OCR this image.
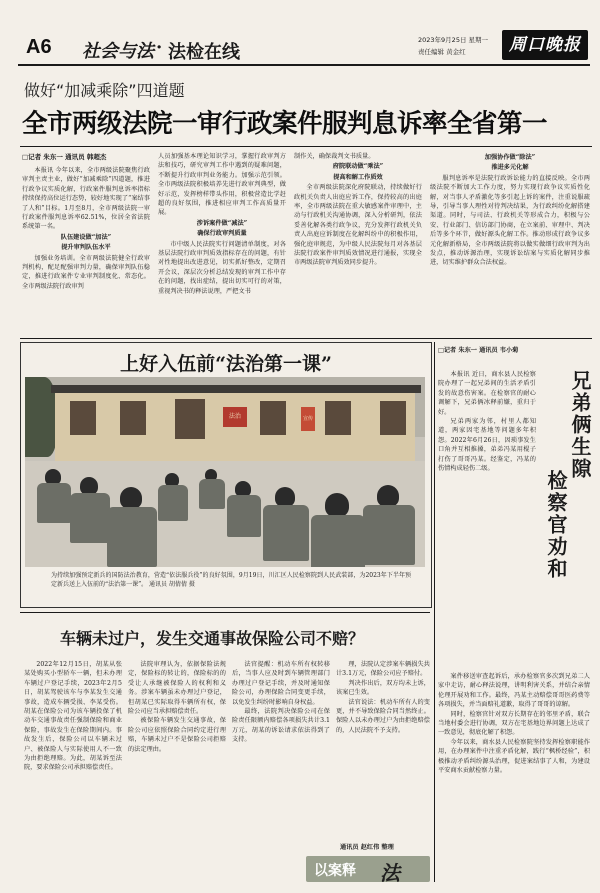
A6 社会与法 · 法检在线
2023年9月25日 星期一
责任编辑 黄金红	周口晚报
做好“加减乘除”四道题
全市两级法院一审行政案件服判息诉率全省第一
□记者 朱东一 通讯员 韩超杰

本报讯 今年以来，全市两级法院聚焦行政审判主责主业，做好“加减乘除”四道题，推进行政争议实质化解，行政案件服判息诉率指标持续保持高位运行态势，较好地实现了“案结事了人和”目标。1月至8月，全市两级法院一审行政案件服判息诉率62.51%，位居全省法院系统第一名。

队伍建设做“加法”

提升审判队伍水平

加强业务培训。全市两级法院健全行政审判机构，配足配强审判力量，确保审判队伍稳定，推进行政案件专业审判制度化、常态化。全市两级法院行政审判

人员加强基本理论知识学习，掌握行政审判方法和技巧，研究审判工作中遇到的疑难问题，不断提升行政审判业务能力。加强示范引领。全市两级法院积极培养先进行政审判典型，做好示范，发挥榜样带头作用，积极营造比学赶超的良好氛围，推进相应审判工作高质量开展。

涉诉案件做“减法”

确保行政审判质量

市中级人民法院实行问题清单制度，对各基层法院行政审判质效指标存在的问题，有针对性地提出改进意见，切实抓好整改，定期召开会议，深层次分析总结发现的审判工作中存在的问题，找出症结，提出切实可行的对策，重视判决书的释法说理，严把文书

制作关，确保裁判文书质量。

府院联动做“乘法”

提高和解工作质效

全市两级法院深化府院联动，持续做好行政机关负责人出庭应诉工作，保持较高的出庭率，全市两级法院在重大敏感案件审理中，主动与行政机关沟通协调，深入分析研判，依法妥善化解各类行政争议，充分发挥行政机关负责人出庭应诉制度在化解纠纷中的积极作用，强化庭审规范，为中级人民法院每月对各基层法院行政案件审判质效情况进行通报，实现全市两级法院审判质效同步提升。

加强协作做“除法”

推进多元化解

服判息诉率是法院行政诉讼能力的直接反映。全市两级法院不断加大工作力度，努力实现行政争议实质性化解，对当事人矛盾激化等多引起上诉的案件，注重说服疏导，引导当事人理性对待判决结果，为行政纠纷化解搭建渠道。同时，与司法、行政机关等形成合力，积极与公安、行业部门、信访部门协商，在立案前、审理中、判决后等多个环节，做好源头化解工作。推动形成行政争议多元化解新格局，全市两级法院将以做实做细行政审判为出发点，推动诉源治理，实现诉讼结案与实质化解同步推进，切实维护群众合法权益。

上好入伍前“法治第一课”
法治	宣传
为持续加强预定新兵的国防法治教育，营造“依法服兵役”的良好氛围，9月19日，川汇区人民检察院到人民武装部，为2023年下半年预定新兵送上入伍前的“法治第一课”。 通讯员 胡倩倩 摄
□记者 朱东一 通讯员 韦小菊
兄弟俩生隙
检察官劝和

本报讯 近日，商水县人民检察院办理了一起兄弟间的生活矛盾引发的故意伤害案。在检察官的耐心调解下，兄弟俩冰释前嫌，重归于好。

兄弟两家为邻，村里人都知道，两家因宅基地等问题多年积怨。2022年6月26日，因琐事发生口角并互相推搡，弟弟冯某用棍子打伤了哥哥冯某。经鉴定，冯某的伤情构成轻伤二级。

案件移送审查起诉后，承办检察官多次到兄弟二人家中走访，耐心释法说理，讲明利害关系，并结合亲情伦理开展劝和工作。最终，冯某主动赔偿哥哥医药费等各项损失，并当面赔礼道歉，取得了哥哥的谅解。

同时，检察官针对双方长期存在的邻里矛盾，联合当地村委会进行协调，双方在宅基地边界问题上达成了一致意见，彻底化解了积怨。

今年以来，商水县人民检察院坚持发挥检察职能作用，在办理案件中注重矛盾化解，践行“枫桥经验”，积极推动矛盾纠纷源头治理，促进案结事了人和，为建设平安商水贡献检察力量。

车辆未过户，发生交通事故保险公司不赔？

2022年12月15日，胡某从张某处购买小型轿车一辆，但未办理车辆过户登记手续，2023年2月5日，胡某驾驶该车与李某发生交通事故，造成车辆受损、李某受伤。胡某在保险公司为该车辆投保了机动车交通事故责任强制保险和商业保险，事故发生在保险期间内。事故发生后，保险公司以车辆未过户、被保险人与实际使用人不一致为由拒绝理赔。为此，胡某诉至法院，要求保险公司承担赔偿责任。

法院审理认为，依据保险法规定，保险标的转让的，保险标的的受让人承继被保险人的权利和义务。涉案车辆虽未办理过户登记，但胡某已实际取得车辆所有权，保险公司应当承担赔偿责任。

被保险车辆发生交通事故，保险公司应依照保险合同约定进行理赔，车辆未过户不是保险公司拒赔的法定理由。

法官提醒：机动车所有权转移后，当事人应及时到车辆管理部门办理过户登记手续，并及时通知保险公司，办理保险合同变更手续，以免发生纠纷时影响自身权益。

最终，法院判决保险公司在保险责任限额内赔偿各项损失共计3.1万元，胡某的诉讼请求依法得到了支持。

理，法院认定涉案车辆损失共计3.1万元，保险公司应予赔付。

判决作出后，双方均未上诉，该案已生效。

法官说法：机动车所有人的变更，并不导致保险合同当然终止。保险人以未办理过户为由拒绝赔偿的，人民法院不予支持。

通讯员 赵红伟 整理
以案释 法
